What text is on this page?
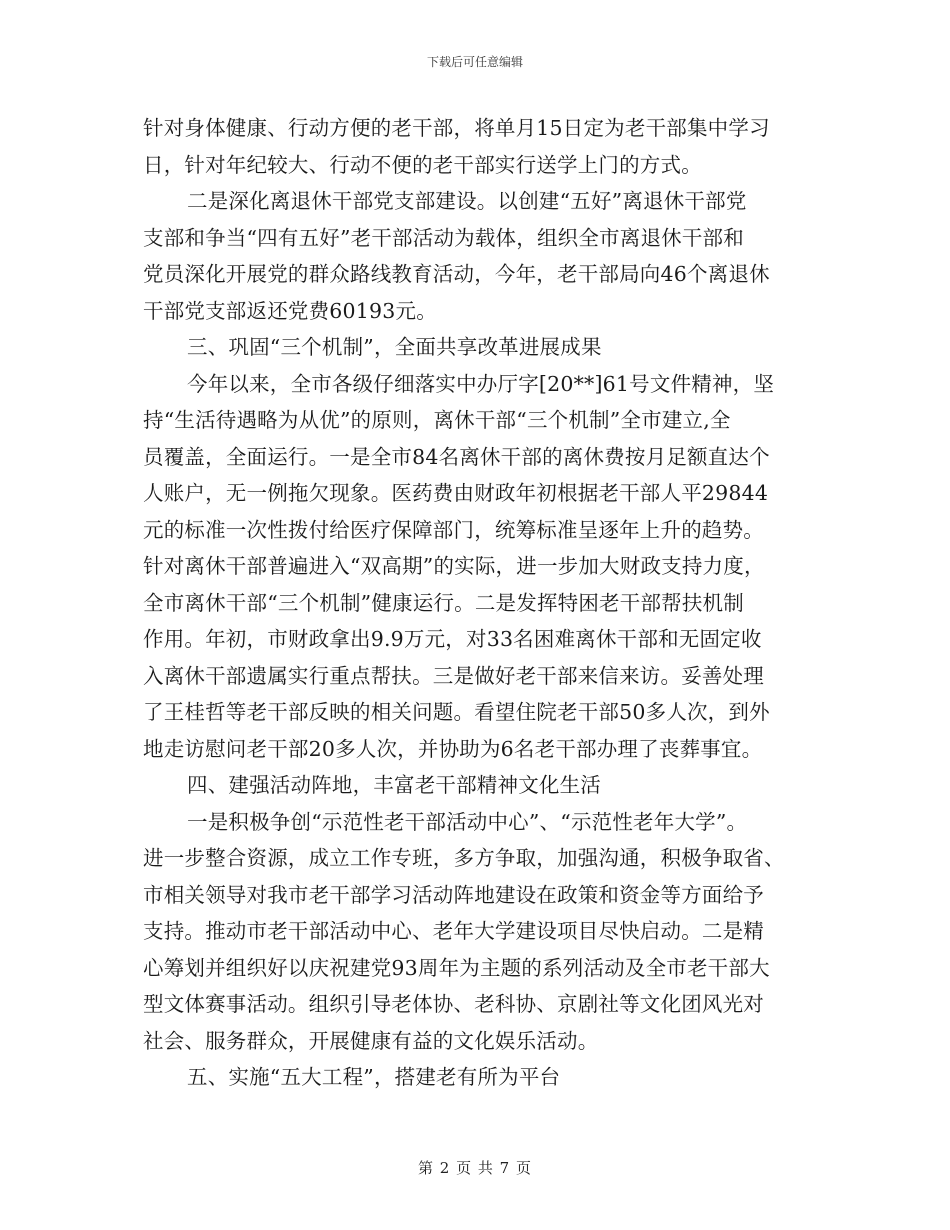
下载后可任意编辑
针对身体健康、行动方便的老干部，将单月15日定为老干部集中学习
日，针对年纪较大、行动不便的老干部实行送学上门的方式。
二是深化离退休干部党支部建设。以创建“五好”离退休干部党
支部和争当“四有五好”老干部活动为载体，组织全市离退休干部和
党员深化开展党的群众路线教育活动，今年，老干部局向46个离退休
干部党支部返还党费60193元。
三、巩固“三个机制”，全面共享改革进展成果
今年以来，全市各级仔细落实中办厅字[20**]61号文件精神，坚
持“生活待遇略为从优”的原则，离休干部“三个机制”全市建立,全
员覆盖，全面运行。一是全市84名离休干部的离休费按月足额直达个
人账户，无一例拖欠现象。医药费由财政年初根据老干部人平29844
元的标准一次性拨付给医疗保障部门，统筹标准呈逐年上升的趋势。
针对离休干部普遍进入“双高期”的实际，进一步加大财政支持力度，
全市离休干部“三个机制”健康运行。二是发挥特困老干部帮扶机制
作用。年初，市财政拿出9.9万元，对33名困难离休干部和无固定收
入离休干部遗属实行重点帮扶。三是做好老干部来信来访。妥善处理
了王桂哲等老干部反映的相关问题。看望住院老干部50多人次，到外
地走访慰问老干部20多人次，并协助为6名老干部办理了丧葬事宜。
四、建强活动阵地，丰富老干部精神文化生活
一是积极争创“示范性老干部活动中心”、“示范性老年大学”。
进一步整合资源，成立工作专班，多方争取，加强沟通，积极争取省、
市相关领导对我市老干部学习活动阵地建设在政策和资金等方面给予
支持。推动市老干部活动中心、老年大学建设项目尽快启动。二是精
心筹划并组织好以庆祝建党93周年为主题的系列活动及全市老干部大
型文体赛事活动。组织引导老体协、老科协、京剧社等文化团风光对
社会、服务群众，开展健康有益的文化娱乐活动。
五、实施“五大工程”，搭建老有所为平台
第 2 页 共 7 页
